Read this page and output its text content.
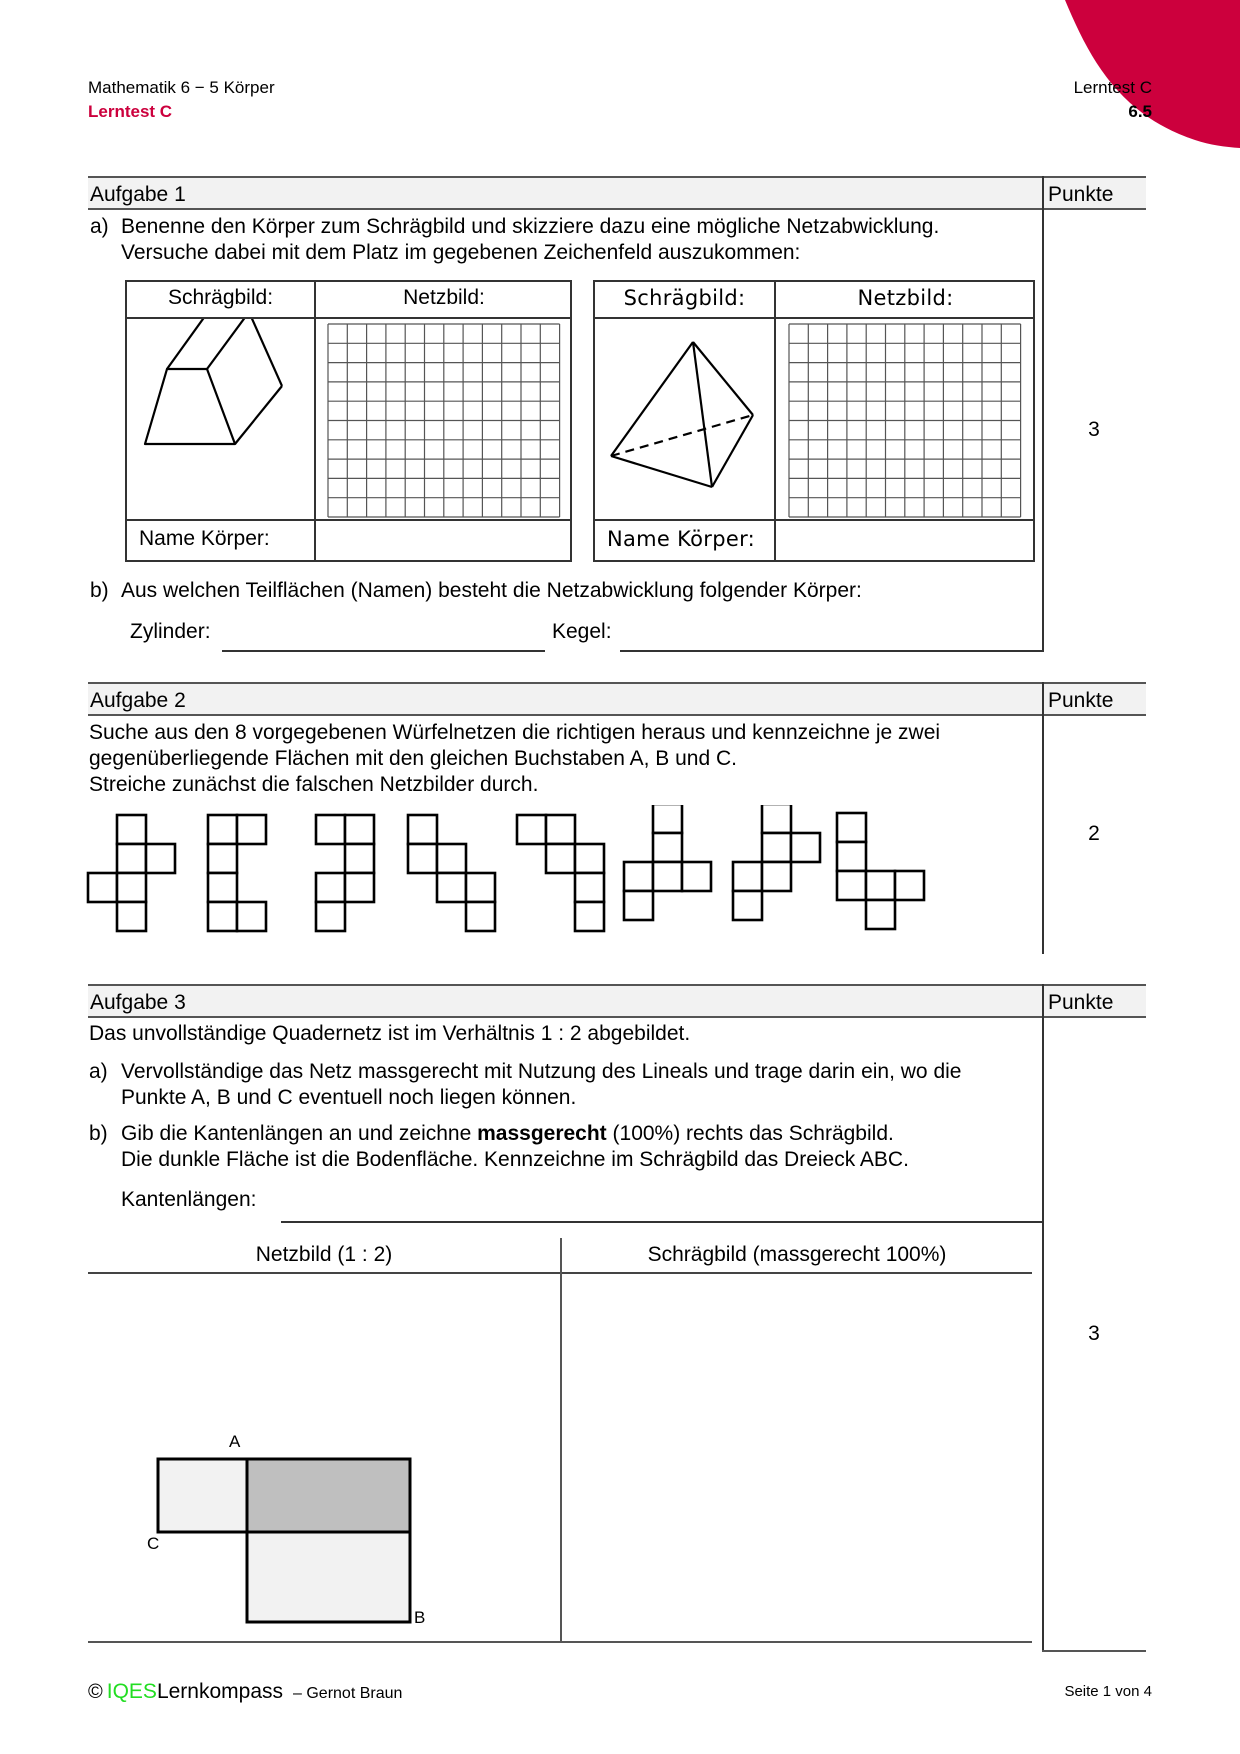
Mathematik 6 − 5 Körper
Lerntest C
Lerntest C
6.5
Aufgabe 1	Punkte
3
a) Benenne den Körper zum Schrägbild und skizziere dazu eine mögliche Netzabwicklung.
Versuche dabei mit dem Platz im gegebenen Zeichenfeld auszukommen:
Schrägbild:	Netzbild:
Name Körper:
Schrägbild:	Netzbild:
Name Körper:
b) Aus welchen Teilflächen (Namen) besteht die Netzabwicklung folgender Körper:
Zylinder:	Kegel:
Aufgabe 2	Punkte
2
Suche aus den 8 vorgegebenen Würfelnetzen die richtigen heraus und kennzeichne je zwei
gegenüberliegende Flächen mit den gleichen Buchstaben A, B und C.
Streiche zunächst die falschen Netzbilder durch.
Aufgabe 3	Punkte
3
Das unvollständige Quadernetz ist im Verhältnis 1 : 2 abgebildet.
a) Vervollständige das Netz massgerecht mit Nutzung des Lineals und trage darin ein, wo die
Punkte A, B und C eventuell noch liegen können.
b) Gib die Kantenlängen an und zeichne massgerecht (100%) rechts das Schrägbild.
Die dunkle Fläche ist die Bodenfläche. Kennzeichne im Schrägbild das Dreieck ABC.
Kantenlängen:
Netzbild (1 : 2)	Schrägbild (massgerecht 100%)
A
C
B
© IQES Lernkompass – Gernot Braun	Seite 1 von 4
